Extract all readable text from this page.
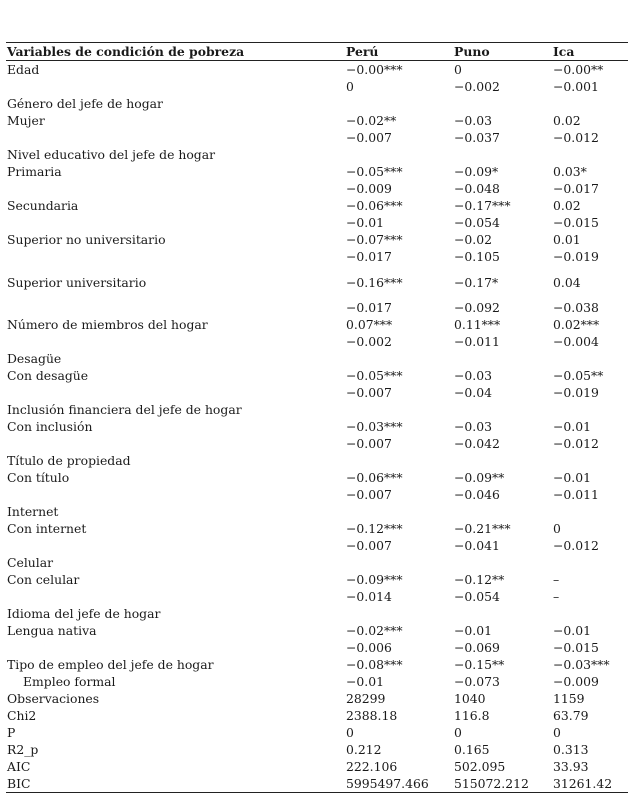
Variables de condición de pobreza	Perú	Puno	Ica
Edad	−0.00***	0	−0.00**
	0	−0.002	−0.001
Género del jefe de hogar			
Mujer	−0.02**	−0.03	0.02
	−0.007	−0.037	−0.012
Nivel educativo del jefe de hogar			
Primaria	−0.05***	−0.09*	0.03*
	−0.009	−0.048	−0.017
Secundaria	−0.06***	−0.17***	0.02
	−0.01	−0.054	−0.015
Superior no universitario	−0.07***	−0.02	0.01
	−0.017	−0.105	−0.019
Superior universitario	−0.16***	−0.17*	0.04
	−0.017	−0.092	−0.038
Número de miembros del hogar	0.07***	0.11***	0.02***
	−0.002	−0.011	−0.004
Desagüe			
Con desagüe	−0.05***	−0.03	−0.05**
	−0.007	−0.04	−0.019
Inclusión financiera del jefe de hogar			
Con inclusión	−0.03***	−0.03	−0.01
	−0.007	−0.042	−0.012
Título de propiedad			
Con título	−0.06***	−0.09**	−0.01
	−0.007	−0.046	−0.011
Internet			
Con internet	−0.12***	−0.21***	0
	−0.007	−0.041	−0.012
Celular			
Con celular	−0.09***	−0.12**	–
	−0.014	−0.054	–
Idioma del jefe de hogar			
Lengua nativa	−0.02***	−0.01	−0.01
	−0.006	−0.069	−0.015
Tipo de empleo del jefe de hogar	−0.08***	−0.15**	−0.03***
Empleo formal	−0.01	−0.073	−0.009
Observaciones	28299	1040	1159
Chi2	2388.18	116.8	63.79
P	0	0	0
R2_p	0.212	0.165	0.313
AIC	222.106	502.095	33.93
BIC	5995497.466	515072.212	31261.42
